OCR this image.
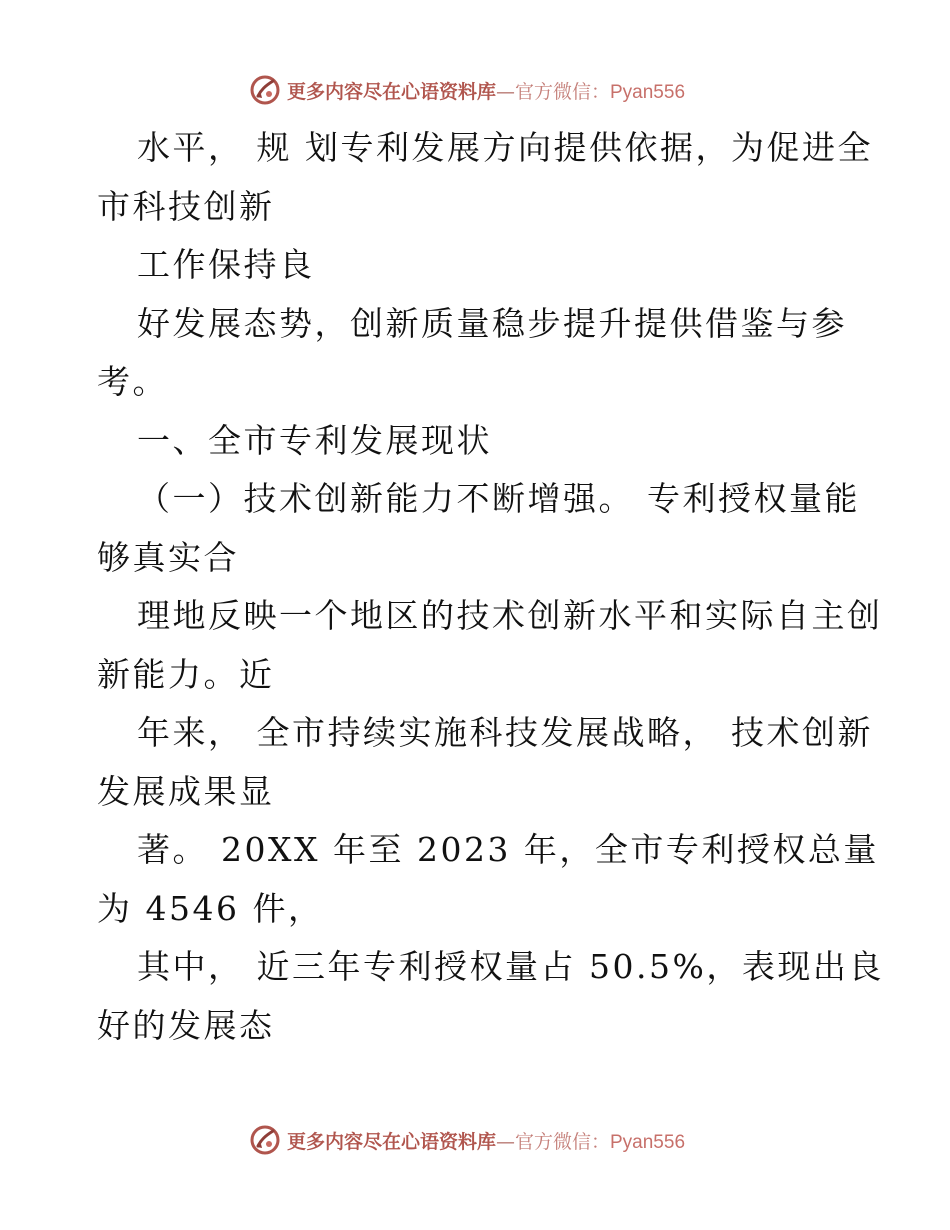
更多内容尽在心语资料库—官方微信：Pyan556
水平， 规 划专利发展方向提供依据，为促进全
市科技创新
工作保持良
好发展态势，创新质量稳步提升提供借鉴与参
考。
一、全市专利发展现状
（一）技术创新能力不断增强。 专利授权量能
够真实合
理地反映一个地区的技术创新水平和实际自主创
新能力。近
年来， 全市持续实施科技发展战略， 技术创新
发展成果显
著。 20XX 年至 2023 年，全市专利授权总量
为 4546 件，
其中， 近三年专利授权量占 50.5%，表现出良
好的发展态
更多内容尽在心语资料库—官方微信：Pyan556
